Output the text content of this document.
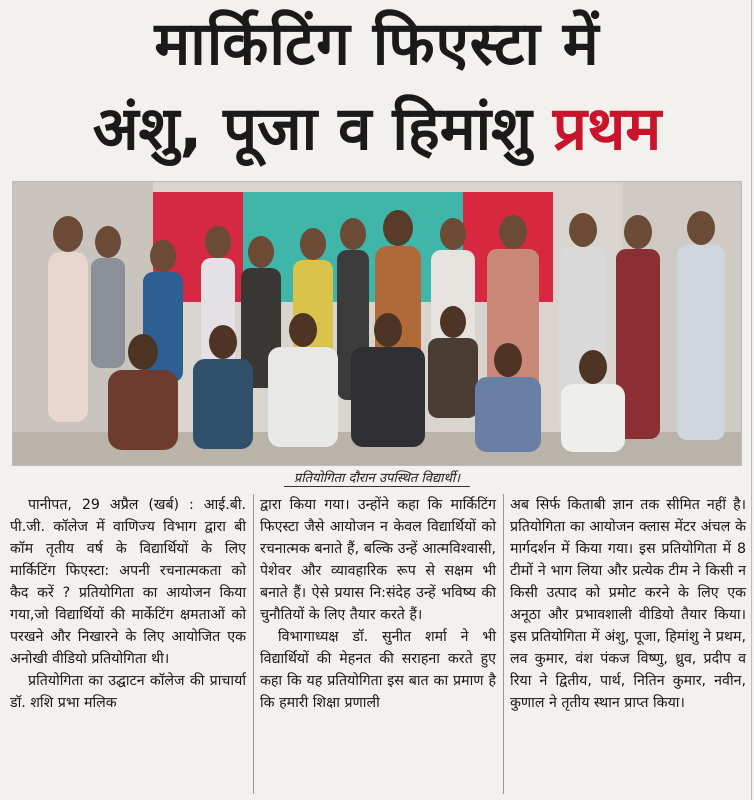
मार्किटिंग फिएस्टा में
अंशु, पूजा व हिमांशु प्रथम
प्रतियोगिता दौरान उपस्थित विद्यार्थी।

पानीपत, 29 अप्रैल (खर्ब) : आई.बी. पी.जी. कॉलेज में वाणिज्य विभाग द्वारा बी कॉम तृतीय वर्ष के विद्यार्थियों के लिए मार्किटिंग फिएस्टा: अपनी रचनात्मकता को कैद करें ? प्रतियोगिता का आयोजन किया गया,जो विद्यार्थियों की मार्केटिंग क्षमताओं को परखने और निखारने के लिए आयोजित एक अनोखी वीडियो प्रतियोगिता थी।

प्रतियोगिता का उद्घाटन कॉलेज की प्राचार्या डॉ. शशि प्रभा मलिक

द्वारा किया गया। उन्होंने कहा कि मार्किटिंग फिएस्टा जैसे आयोजन न केवल विद्यार्थियों को रचनात्मक बनाते हैं, बल्कि उन्हें आत्मविश्वासी, पेशेवर और व्यावहारिक रूप से सक्षम भी बनाते हैं। ऐसे प्रयास नि:संदेह उन्हें भविष्य की चुनौतियों के लिए तैयार करते हैं।

विभागाध्यक्ष डॉ. सुनीत शर्मा ने भी विद्यार्थियों की मेहनत की सराहना करते हुए कहा कि यह प्रतियोगिता इस बात का प्रमाण है कि हमारी शिक्षा प्रणाली

अब सिर्फ किताबी ज्ञान तक सीमित नहीं है।प्रतियोगिता का आयोजन क्लास मेंटर अंचल के मार्गदर्शन में किया गया। इस प्रतियोगिता में 8 टीमों ने भाग लिया और प्रत्येक टीम ने किसी न किसी उत्पाद को प्रमोट करने के लिए एक अनूठा और प्रभावशाली वीडियो तैयार किया। इस प्रतियोगिता में अंशु, पूजा, हिमांशु ने प्रथम, लव कुमार, वंश पंकज विष्णु, ध्रुव, प्रदीप व रिया ने द्वितीय, पार्थ, नितिन कुमार, नवीन, कुणाल ने तृतीय स्थान प्राप्त किया।
